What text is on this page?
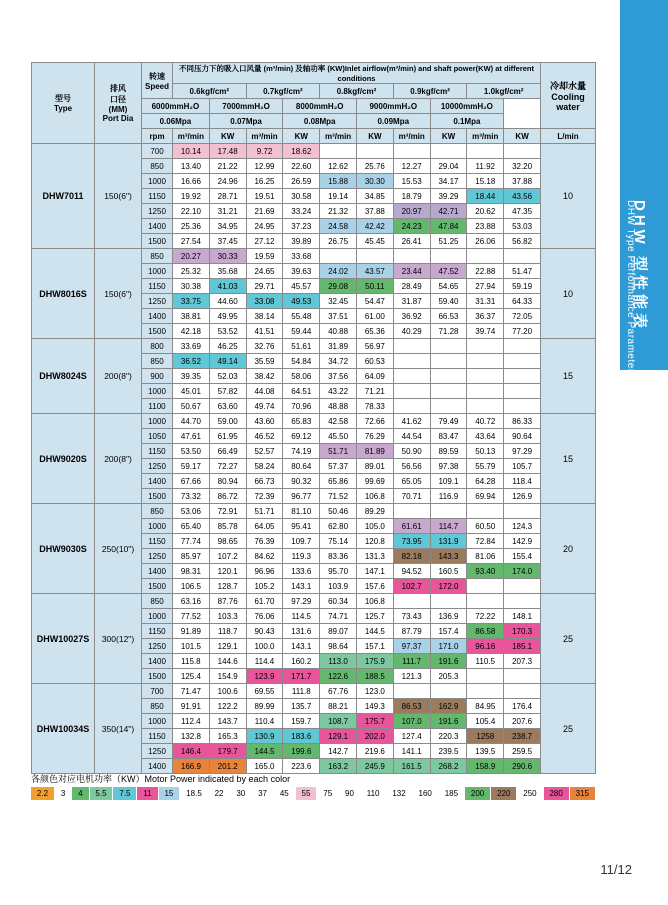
DHW 型性能表
DHW Type Performance Parameters Sheet
型号
Type

排风
口径
(MM)
Port Dia

转速
Speed
	不同压力下的吸入口风量 (m³/min) 及轴功率 (KW)Inlet airflow(m³/min) and shaft power(KW) at different conditions	
冷却水量
Cooling water

			0.6kgf/cm²		0.7kgf/cm²		0.8kgf/cm²		0.9kgf/cm²		1.0kgf/cm²		
		6000mmH₂O		7000mmH₂O		8000mmH₂O		9000mmH₂O		10000mmH₂O			
		0.06Mpa		0.07Mpa		0.08Mpa		0.09Mpa		0.1Mpa			
		rpm	m³/min	KW	m³/min	KW	m³/min	KW	m³/min	KW	m³/min	KW	L/min
DHW7011	150(6")	700	10.14	17.48	9.72	18.62							10
		850	13.40	21.22	12.99	22.60	12.62	25.76	12.27	29.04	11.92	32.20	
		1000	16.66	24.96	16.25	26.59	15.88	30.30	15.53	34.17	15.18	37.88	
		1150	19.92	28.71	19.51	30.58	19.14	34.85	18.79	39.29	18.44	43.56	
		1250	22.10	31.21	21.69	33.24	21.32	37.88	20.97	42.71	20.62	47.35	
		1400	25.36	34.95	24.95	37.23	24.58	42.42	24.23	47.84	23.88	53.03	
		1500	27.54	37.45	27.12	39.89	26.75	45.45	26.41	51.25	26.06	56.82	
DHW8016S	150(6")	850	20.27	30.33	19.59	33.68							10
		1000	25.32	35.68	24.65	39.63	24.02	43.57	23.44	47.52	22.88	51.47	
		1150	30.38	41.03	29.71	45.57	29.08	50.11	28.49	54.65	27.94	59.19	
		1250	33.75	44.60	33.08	49.53	32.45	54.47	31.87	59.40	31.31	64.33	
		1400	38.81	49.95	38.14	55.48	37.51	61.00	36.92	66.53	36.37	72.05	
		1500	42.18	53.52	41.51	59.44	40.88	65.36	40.29	71.28	39.74	77.20	
DHW8024S	200(8")	800	33.69	46.25	32.76	51.61	31.89	56.97					15
		850	36.52	49.14	35.59	54.84	34.72	60.53					
		900	39.35	52.03	38.42	58.06	37.56	64.09					
		1000	45.01	57.82	44.08	64.51	43.22	71.21					
		1100	50.67	63.60	49.74	70.96	48.88	78.33					
DHW9020S	200(8")	1000	44.70	59.00	43.60	65.83	42.58	72.66	41.62	79.49	40.72	86.33	15
		1050	47.61	61.95	46.52	69.12	45.50	76.29	44.54	83.47	43.64	90.64	
		1150	53.50	66.49	52.57	74.19	51.71	81.89	50.90	89.59	50.13	97.29	
		1250	59.17	72.27	58.24	80.64	57.37	89.01	56.56	97.38	55.79	105.7	
		1400	67.66	80.94	66.73	90.32	65.86	99.69	65.05	109.1	64.28	118.4	
		1500	73.32	86.72	72.39	96.77	71.52	106.8	70.71	116.9	69.94	126.9	
DHW9030S	250(10")	850	53.06	72.91	51.71	81.10	50.46	89.29					20
		1000	65.40	85.78	64.05	95.41	62.80	105.0	61.61	114.7	60.50	124.3	
		1150	77.74	98.65	76.39	109.7	75.14	120.8	73.95	131.9	72.84	142.9	
		1250	85.97	107.2	84.62	119.3	83.36	131.3	82.18	143.3	81.06	155.4	
		1400	98.31	120.1	96.96	133.6	95.70	147.1	94.52	160.5	93.40	174.0	
		1500	106.5	128.7	105.2	143.1	103.9	157.6	102.7	172.0			
DHW10027S	300(12")	850	63.16	87.76	61.70	97.29	60.34	106.8					25
		1000	77.52	103.3	76.06	114.5	74.71	125.7	73.43	136.9	72.22	148.1	
		1150	91.89	118.7	90.43	131.6	89.07	144.5	87.79	157.4	86.58	170.3	
		1250	101.5	129.1	100.0	143.1	98.64	157.1	97.37	171.0	96.16	185.1	
		1400	115.8	144.6	114.4	160.2	113.0	175.9	111.7	191.6	110.5	207.3	
		1500	125.4	154.9	123.9	171.7	122.6	188.5	121.3	205.3			
DHW10034S	350(14")	700	71.47	100.6	69.55	111.8	67.76	123.0					25
		850	91.91	122.2	89.99	135.7	88.21	149.3	86.53	162.9	84.95	176.4	
		1000	112.4	143.7	110.4	159.7	108.7	175.7	107.0	191.6	105.4	207.6	
		1150	132.8	165.3	130.9	183.6	129.1	202.0	127.4	220.3	1258	238.7	
		1250	146.4	179.7	144.5	199.6	142.7	219.6	141.1	239.5	139.5	259.5	
		1400	166.9	201.2	165.0	223.6	163.2	245.9	161.5	268.2	158.9	290.6	
各颜色对应电机功率（KW）Motor Power indicated by each color
2.2	3	4	5.5	7.5	11	15	18.5	22	30	37	45	55	75	90	110	132	160	185	200	220	250	280	315
11/12
